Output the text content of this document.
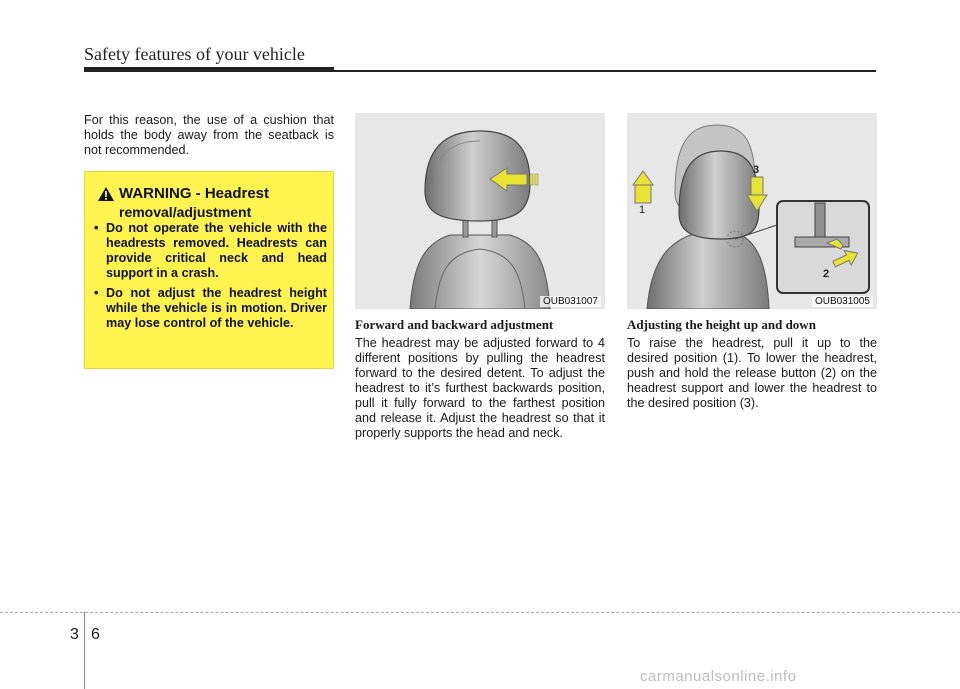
Safety features of your vehicle
For this reason, the use of a cushion that holds the body away from the seatback is not recommended.
WARNING - Headrest
removal/adjustment
• Do not operate the vehicle with the headrests removed. Headrests can provide critical neck and head support in a crash.
• Do not adjust the headrest height while the vehicle is in motion. Driver may lose control of the vehicle.
OUB031007
1
2
3
OUB031005
Forward and backward adjustment
The headrest may be adjusted forward to 4 different positions by pulling the headrest forward to the desired detent. To adjust the headrest to it’s furthest backwards position, pull it fully forward to the farthest position and release it. Adjust the headrest so that it properly supports the head and neck.
Adjusting the height up and down
To raise the headrest, pull it up to the desired position (1). To lower the headrest, push and hold the release button (2) on the headrest support and lower the headrest to the desired position (3).
3 6
carmanualsonline.info
